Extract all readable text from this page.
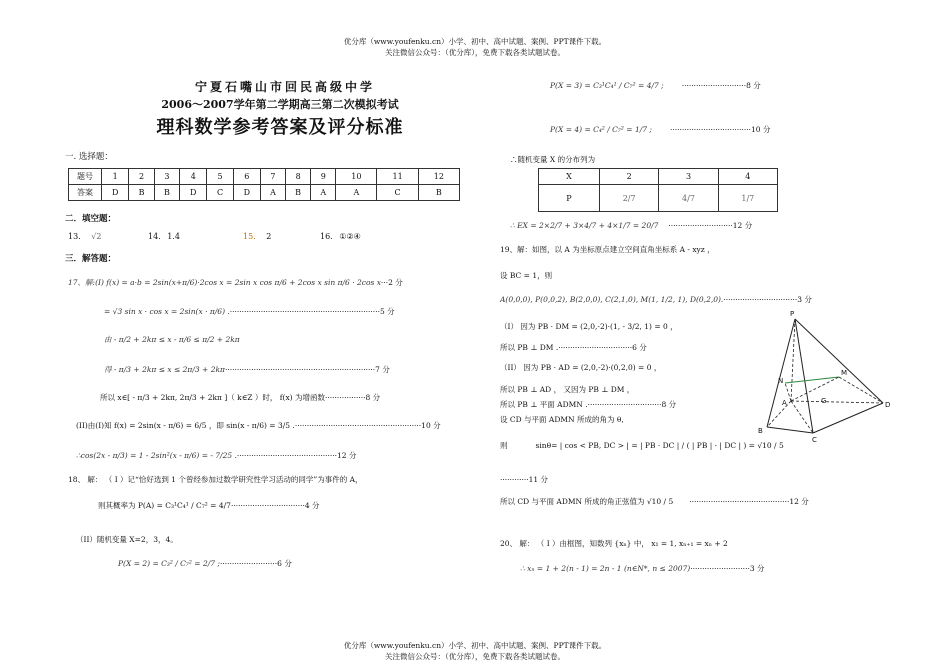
优分库（www.youfenku.cn）小学、初中、高中试题、案例、PPT课件下载。
关注微信公众号：（优分库），免费下载各类试题试卷。
优分库（www.youfenku.cn）小学、初中、高中试题、案例、PPT课件下载。
关注微信公众号：（优分库），免费下载各类试题试卷。
宁夏石嘴山市回民高级中学
2006～2007学年第二学期高三第二次模拟考试
理科数学参考答案及评分标准
一. 选择题：
题号	1	2	3	4	5	6	7	8	9	10	11	12
答案	D	B	B	D	C	D	A	B	A	A	C	B
二．填空题：
13. √2	14. 1.4	15. 2	16. ①②④
三．解答题：
17、解:(I) f(x) = a·b = 2sin(x+π/6)·2cos x = 2sin x cos π/6 + 2cos x sin π/6 · 2cos x···2 分
= √3 sin x · cos x = 2sin(x · π/6) .·······························································5 分
由 - π/2 + 2kπ ≤ x - π/6 ≤ π/2 + 2kπ
得 - π/3 + 2kπ ≤ x ≤ 2π/3 + 2kπ·······························································7 分
所以 x∈[ - π/3 + 2kπ, 2π/3 + 2kπ ]（ k∈Z ）时， f(x) 为增函数·················8 分
(II)由(I)知 f(x) = 2sin(x - π/6) = 6/5 ，即 sin(x - π/6) = 3/5 .·····················································10 分
∴cos(2x - π/3) = 1 - 2sin²(x - π/6) = - 7/25 .··········································12 分
18、 解： （ I ）记“恰好选到 1 个曾经参加过数学研究性学习活动的同学”为事件的 A，
则其概率为 P(A) = C₃¹C₄¹ / C₇² = 4/7·······························4 分
（II）随机变量 X=2，3，4。
P(X = 2) = C₃² / C₇² = 2/7 ;························6 分
P(X = 3) = C₃¹C₄¹ / C₇² = 4/7 ; ···························8 分
P(X = 4) = C₄² / C₇² = 1/7 ; ··································10 分
∴随机变量 X 的分布列为
X	2	3	4
P	2/7	4/7	1/7
∴ EX = 2×2/7 + 3×4/7 + 4×1/7 = 20/7 ···························12 分
19、解：如图，以 A 为坐标原点建立空间直角坐标系 A - xyz ，
设 BC = 1，则
A(0,0,0), P(0,0,2), B(2,0,0), C(2,1,0), M(1, 1/2, 1), D(0,2,0).·······························3 分
（I） 因为 PB · DM = (2,0,-2)·(1, - 3/2, 1) = 0 ，
所以 PB ⊥ DM .·······························6 分
（II） 因为 PB · AD = (2,0,-2)·(0,2,0) = 0 ，
所以 PB ⊥ AD ， 又因为 PB ⊥ DM ，
所以 PB ⊥ 平面 ADMN .·······························8 分
设 CD 与平面 ADMN 所成的角为 θ,
则	sinθ= | cos < PB, DC > | = | PB · DC | / ( | PB | · | DC | ) = √10 / 5
············11 分
所以 CD 与平面 ADMN 所成的角正弦值为 √10 / 5 ··········································12 分
20、 解： （ I ）由框图，知数列 {xₙ} 中， x₁ = 1, xₙ₊₁ = xₙ + 2
∴ xₙ = 1 + 2(n - 1) = 2n - 1 (n∈N*, n ≤ 2007)·························3 分
P
N
M
A	G
B
C
D
